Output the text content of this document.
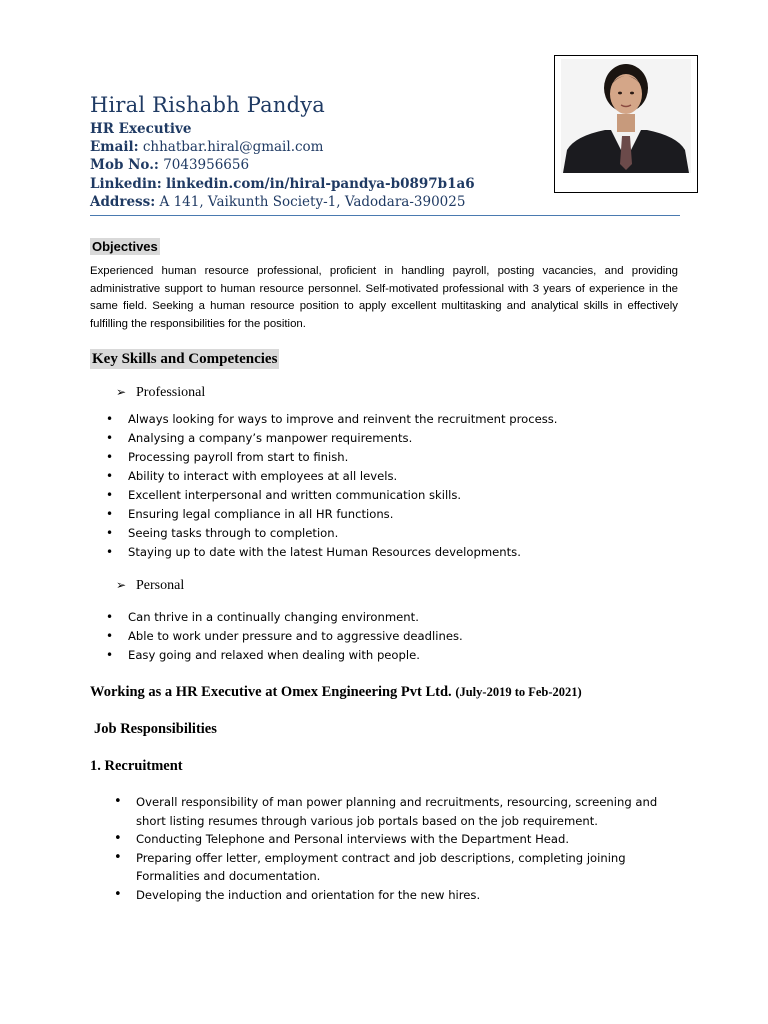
Hiral Rishabh Pandya
HR Executive
Email: chhatbar.hiral@gmail.com
Mob No.: 7043956656
Linkedin: linkedin.com/in/hiral-pandya-b0897b1a6
Address: A 141, Vaikunth Society-1, Vadodara-390025
Objectives
Experienced human resource professional, proficient in handling payroll, posting vacancies, and providing administrative support to human resource personnel. Self-motivated professional with 3 years of experience in the same field. Seeking a human resource position to apply excellent multitasking and analytical skills in effectively fulfilling the responsibilities for the position.
Key Skills and Competencies
➢ Professional
• Always looking for ways to improve and reinvent the recruitment process.
• Analysing a company’s manpower requirements.
• Processing payroll from start to finish.
• Ability to interact with employees at all levels.
• Excellent interpersonal and written communication skills.
• Ensuring legal compliance in all HR functions.
• Seeing tasks through to completion.
• Staying up to date with the latest Human Resources developments.
➢ Personal
• Can thrive in a continually changing environment.
• Able to work under pressure and to aggressive deadlines.
• Easy going and relaxed when dealing with people.
Working as a HR Executive at Omex Engineering Pvt Ltd. (July-2019 to Feb-2021)
Job Responsibilities
1. Recruitment
• Overall responsibility of man power planning and recruitments, resourcing, screening and short listing resumes through various job portals based on the job requirement.
• Conducting Telephone and Personal interviews with the Department Head.
• Preparing offer letter, employment contract and job descriptions, completing joining Formalities and documentation.
• Developing the induction and orientation for the new hires.
